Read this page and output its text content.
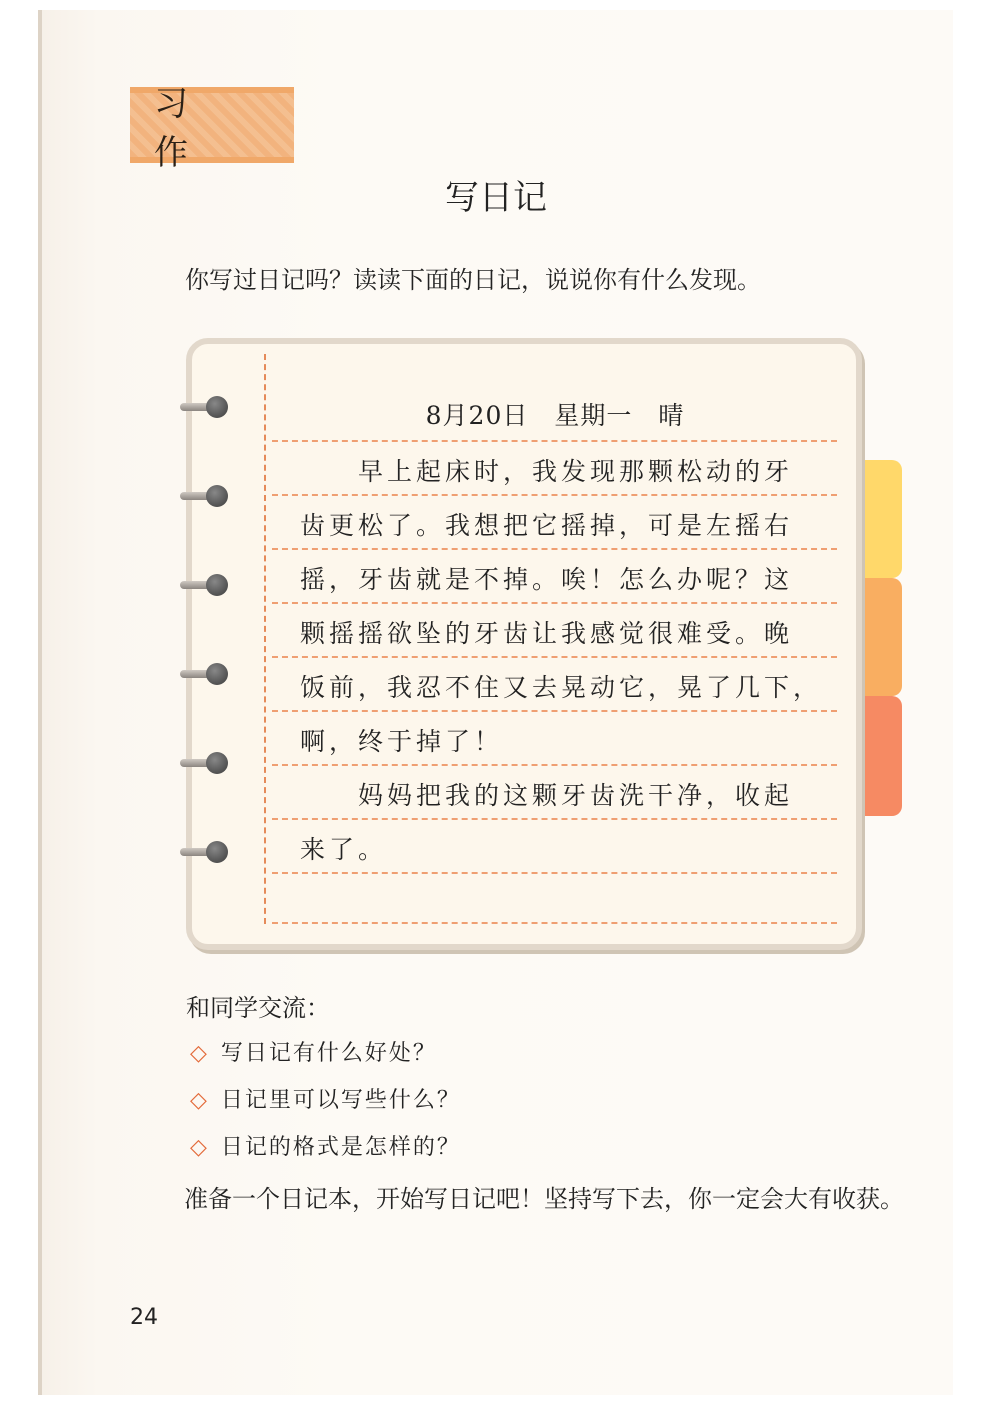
习 作
写日记
你写过日记吗？读读下面的日记，说说你有什么发现。
8月20日　星期一　晴
早上起床时，我发现那颗松动的牙
齿更松了。我想把它摇掉，可是左摇右
摇，牙齿就是不掉。唉！怎么办呢？这
颗摇摇欲坠的牙齿让我感觉很难受。晚
饭前，我忍不住又去晃动它，晃了几下，
啊，终于掉了！
妈妈把我的这颗牙齿洗干净，收起
来了。
和同学交流：
◇ 写日记有什么好处？
◇ 日记里可以写些什么？
◇ 日记的格式是怎样的？
准备一个日记本，开始写日记吧！坚持写下去，你一定会大有收获。
24
